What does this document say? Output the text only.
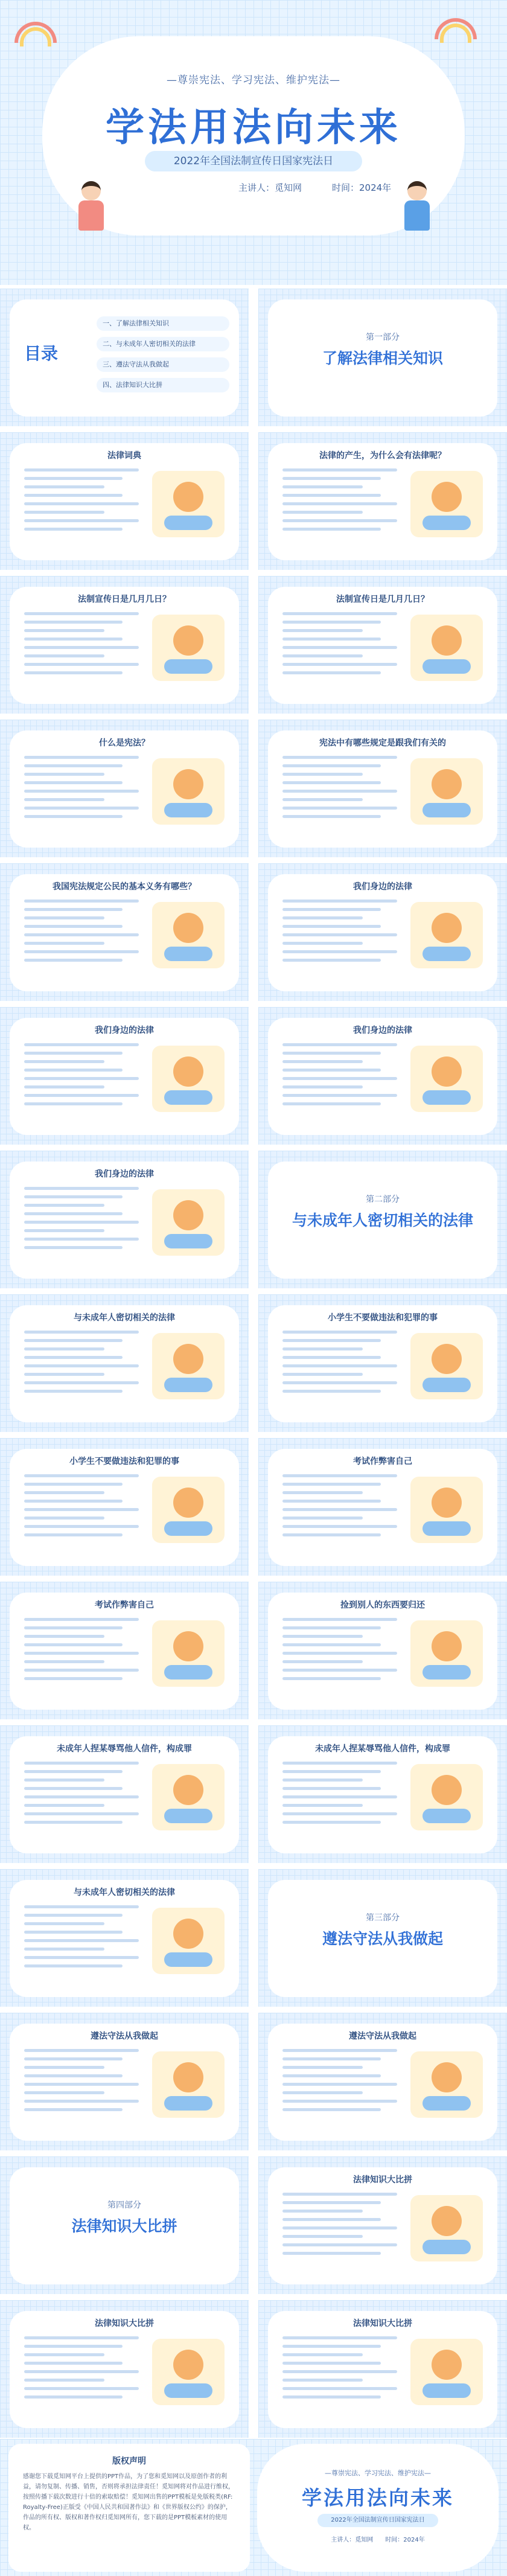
—尊崇宪法、学习宪法、维护宪法—
学法用法向未来
2022年全国法制宣传日国家宪法日
主讲人：觅知网	时间：2024年
目录
一、了解法律相关知识
二、与未成年人密切相关的法律
三、遵法守法从我做起
四、法律知识大比拼
第一部分
了解法律相关知识
法律词典	法律的产生，为什么会有法律呢？
法制宣传日是几月几日？	法制宣传日是几月几日？
什么是宪法？	宪法中有哪些规定是跟我们有关的
我国宪法规定公民的基本义务有哪些？	我们身边的法律
我们身边的法律	我们身边的法律
我们身边的法律
第二部分
与未成年人密切相关的法律
与未成年人密切相关的法律	小学生不要做违法和犯罪的事
小学生不要做违法和犯罪的事	考试作弊害自己
考试作弊害自己	捡到别人的东西要归还
未成年人捏某辱骂他人信件，构成罪	未成年人捏某辱骂他人信件，构成罪
与未成年人密切相关的法律
第三部分
遵法守法从我做起
遵法守法从我做起	遵法守法从我做起
第四部分
法律知识大比拼
法律知识大比拼
法律知识大比拼	法律知识大比拼
版权声明
感谢您下载觅知网平台上提供的PPT作品，为了您和觅知网以及原创作者的利益，请勿复制、传播、销售，否则将承担法律责任！觅知网将对作品进行维权，按照传播下载次数进行十倍的索取赔偿！觅知网出售的PPT模板是免版税类(RF: Royalty-Free)正版受《中国人民共和国著作法》和《世界版权公约》的保护，作品的所有权、版权和著作权归觅知网所有，您下载的是PPT模板素材的使用权。
—尊崇宪法、学习宪法、维护宪法—
学法用法向未来
2022年全国法制宣传日国家宪法日
主讲人：觅知网　　时间：2024年
